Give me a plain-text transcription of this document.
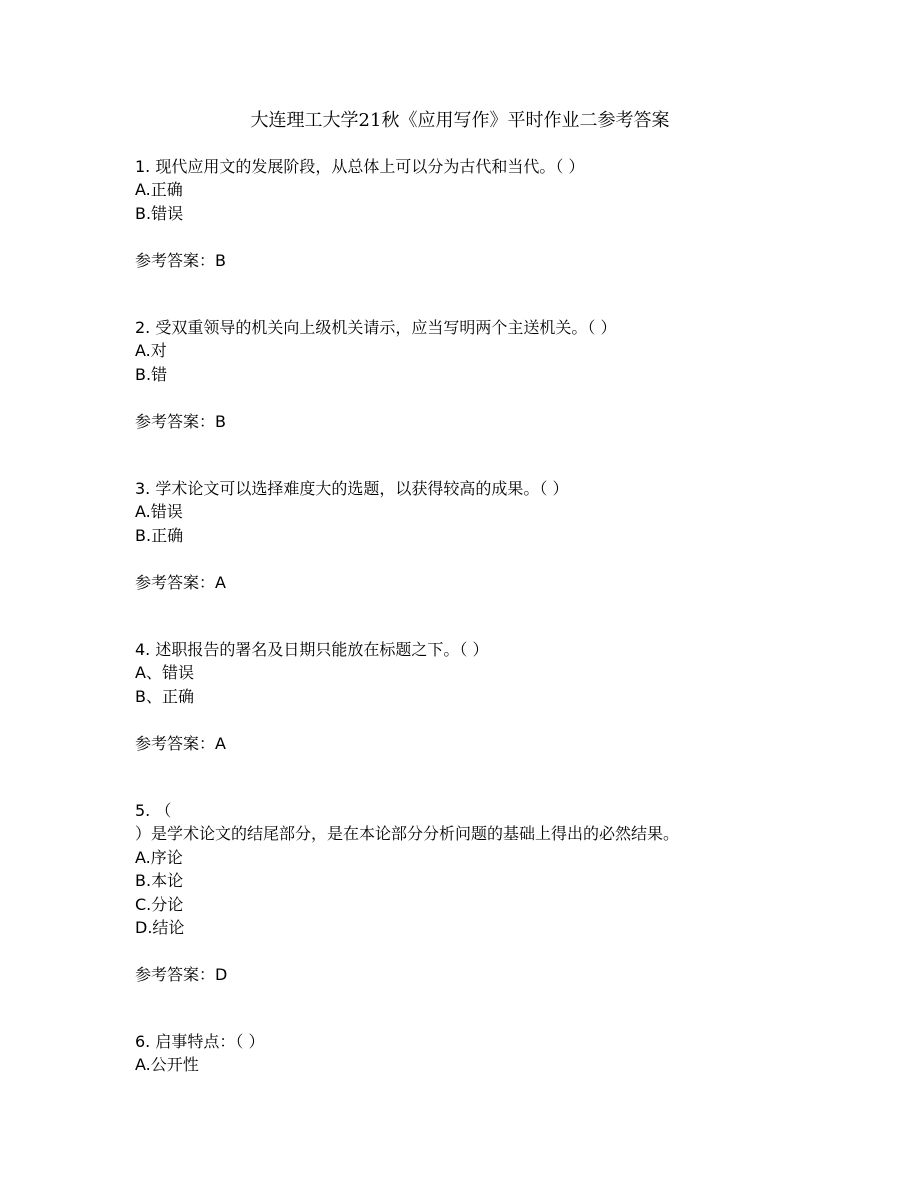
大连理工大学21秋《应用写作》平时作业二参考答案
1. 现代应用文的发展阶段，从总体上可以分为古代和当代。（ ）
A.正确
B.错误
参考答案：B
2. 受双重领导的机关向上级机关请示，应当写明两个主送机关。（ ）
A.对
B.错
参考答案：B
3. 学术论文可以选择难度大的选题，以获得较高的成果。（ ）
A.错误
B.正确
参考答案：A
4. 述职报告的署名及日期只能放在标题之下。（ ）
A、错误
B、正确
参考答案：A
5. （
）是学术论文的结尾部分，是在本论部分分析问题的基础上得出的必然结果。
A.序论
B.本论
C.分论
D.结论
参考答案：D
6. 启事特点：（ ）
A.公开性
